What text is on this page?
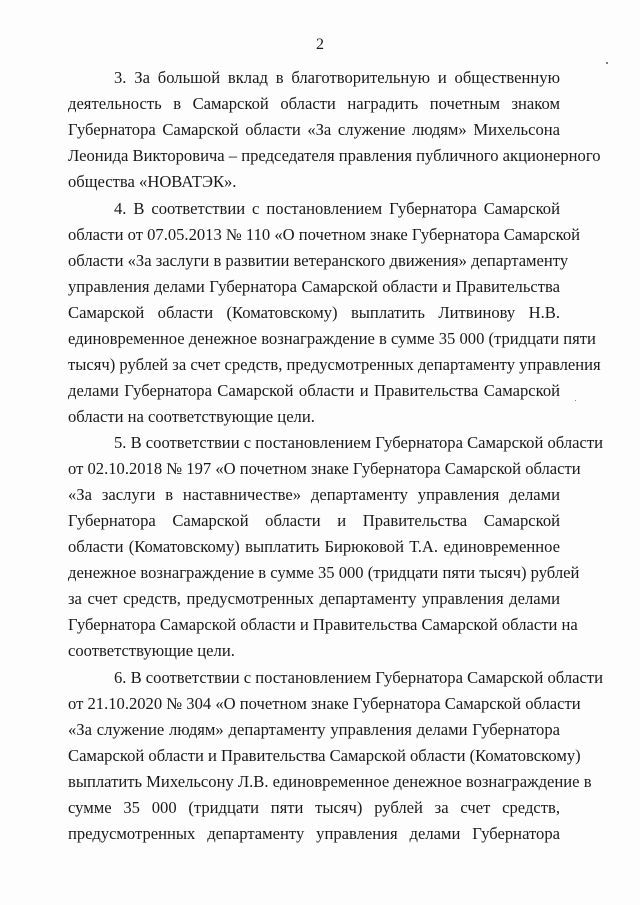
2
3. За большой вклад в благотворительную и общественную
деятельность в Самарской области наградить почетным знаком
Губернатора Самарской области «За служение людям» Михельсона
Леонида Викторовича – председателя правления публичного акционерного
общества «НОВАТЭК».
4. В соответствии с постановлением Губернатора Самарской
области от 07.05.2013 № 110 «О почетном знаке Губернатора Самарской
области «За заслуги в развитии ветеранского движения» департаменту
управления делами Губернатора Самарской области и Правительства
Самарской области (Коматовскому) выплатить Литвинову Н.В.
единовременное денежное вознаграждение в сумме 35 000 (тридцати пяти
тысяч) рублей за счет средств, предусмотренных департаменту управления
делами Губернатора Самарской области и Правительства Самарской
области на соответствующие цели.
5. В соответствии с постановлением Губернатора Самарской области
от 02.10.2018 № 197 «О почетном знаке Губернатора Самарской области
«За заслуги в наставничестве» департаменту управления делами
Губернатора Самарской области и Правительства Самарской
области (Коматовскому) выплатить Бирюковой Т.А. единовременное
денежное вознаграждение в сумме 35 000 (тридцати пяти тысяч) рублей
за счет средств, предусмотренных департаменту управления делами
Губернатора Самарской области и Правительства Самарской области на
соответствующие цели.
6. В соответствии с постановлением Губернатора Самарской области
от 21.10.2020 № 304 «О почетном знаке Губернатора Самарской области
«За служение людям» департаменту управления делами Губернатора
Самарской области и Правительства Самарской области (Коматовскому)
выплатить Михельсону Л.В. единовременное денежное вознаграждение в
сумме 35 000 (тридцати пяти тысяч) рублей за счет средств,
предусмотренных департаменту управления делами Губернатора
